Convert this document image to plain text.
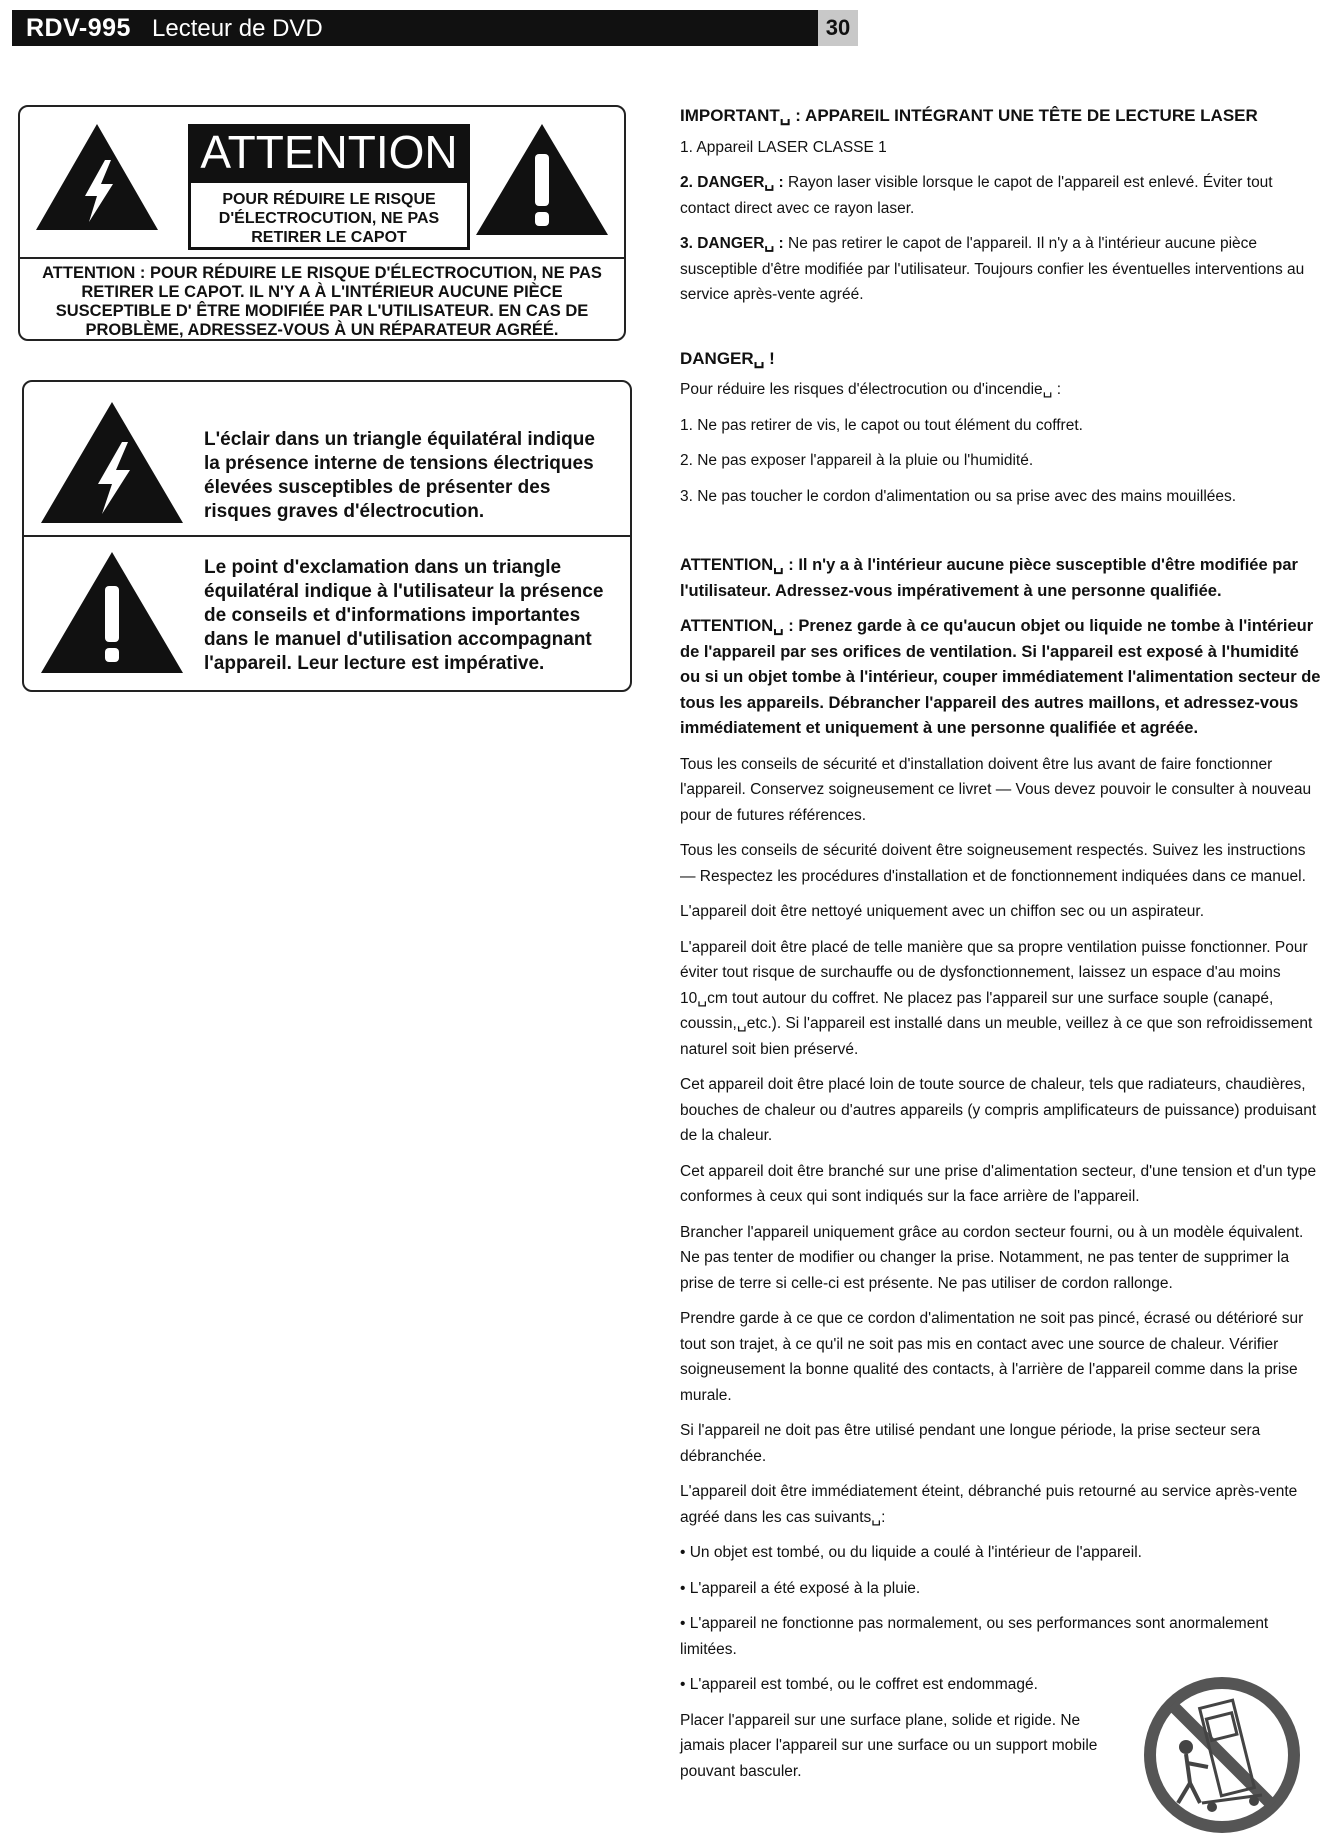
RDV-995 Lecteur de DVD	30
ATTENTION
POUR RÉDUIRE LE RISQUE D'ÉLECTROCUTION, NE PAS RETIRER LE CAPOT
ATTENTION : POUR RÉDUIRE LE RISQUE D'ÉLECTROCUTION, NE PAS RETIRER LE CAPOT. IL N'Y A À L'INTÉRIEUR AUCUNE PIÈCE SUSCEPTIBLE D' ÊTRE MODIFIÉE PAR L'UTILISATEUR. EN CAS DE PROBLÈME, ADRESSEZ-VOUS À UN RÉPARATEUR AGRÉÉ.
L'éclair dans un triangle équilatéral indique la présence interne de tensions électriques élevées susceptibles de présenter des risques graves d'électrocution.
Le point d'exclamation dans un triangle équilatéral indique à l'utilisateur la présence de conseils et d'informations importantes dans le manuel d'utilisation accompagnant l'appareil. Leur lecture est impérative.

IMPORTANT␣ : APPAREIL INTÉGRANT UNE TÊTE DE LECTURE LASER

1. Appareil LASER CLASSE 1

2. DANGER␣ : Rayon laser visible lorsque le capot de l'appareil est enlevé. Éviter tout contact direct avec ce rayon laser.

3. DANGER␣ : Ne pas retirer le capot de l'appareil. Il n'y a à l'intérieur aucune pièce susceptible d'être modifiée par l'utilisateur. Toujours confier les éventuelles interventions au service après-vente agréé.

DANGER␣ !

Pour réduire les risques d'électrocution ou d'incendie␣ :

1. Ne pas retirer de vis, le capot ou tout élément du coffret.

2. Ne pas exposer l'appareil à la pluie ou l'humidité.

3. Ne pas toucher le cordon d'alimentation ou sa prise avec des mains mouillées.

ATTENTION␣ : Il n'y a à l'intérieur aucune pièce susceptible d'être modifiée par l'utilisateur. Adressez-vous impérativement à une personne qualifiée.

ATTENTION␣ : Prenez garde à ce qu'aucun objet ou liquide ne tombe à l'intérieur de l'appareil par ses orifices de ventilation. Si l'appareil est exposé à l'humidité ou si un objet tombe à l'intérieur, couper immédiatement l'alimentation secteur de tous les appareils. Débrancher l'appareil des autres maillons, et adressez-vous immédiatement et uniquement à une personne qualifiée et agréée.

Tous les conseils de sécurité et d'installation doivent être lus avant de faire fonctionner l'appareil. Conservez soigneusement ce livret — Vous devez pouvoir le consulter à nouveau pour de futures références.

Tous les conseils de sécurité doivent être soigneusement respectés. Suivez les instructions — Respectez les procédures d'installation et de fonctionnement indiquées dans ce manuel.

L'appareil doit être nettoyé uniquement avec un chiffon sec ou un aspirateur.

L'appareil doit être placé de telle manière que sa propre ventilation puisse fonctionner. Pour éviter tout risque de surchauffe ou de dysfonctionnement, laissez un espace d'au moins 10␣cm tout autour du coffret. Ne placez pas l'appareil sur une surface souple (canapé, coussin,␣etc.). Si l'appareil est installé dans un meuble, veillez à ce que son refroidissement naturel soit bien préservé.

Cet appareil doit être placé loin de toute source de chaleur, tels que radiateurs, chaudières, bouches de chaleur ou d'autres appareils (y compris amplificateurs de puissance) produisant de la chaleur.

Cet appareil doit être branché sur une prise d'alimentation secteur, d'une tension et d'un type conformes à ceux qui sont indiqués sur la face arrière de l'appareil.

Brancher l'appareil uniquement grâce au cordon secteur fourni, ou à un modèle équivalent. Ne pas tenter de modifier ou changer la prise. Notamment, ne pas tenter de supprimer la prise de terre si celle-ci est présente. Ne pas utiliser de cordon rallonge.

Prendre garde à ce que ce cordon d'alimentation ne soit pas pincé, écrasé ou détérioré sur tout son trajet, à ce qu'il ne soit pas mis en contact avec une source de chaleur. Vérifier soigneusement la bonne qualité des contacts, à l'arrière de l'appareil comme dans la prise murale.

Si l'appareil ne doit pas être utilisé pendant une longue période, la prise secteur sera débranchée.

L'appareil doit être immédiatement éteint, débranché puis retourné au service après-vente agréé dans les cas suivants␣:

• Un objet est tombé, ou du liquide a coulé à l'intérieur de l'appareil.

• L'appareil a été exposé à la pluie.

• L'appareil ne fonctionne pas normalement, ou ses performances sont anormalement limitées.

• L'appareil est tombé, ou le coffret est endommagé.

Placer l'appareil sur une surface plane, solide et rigide. Ne jamais placer l'appareil sur une surface ou un support mobile pouvant basculer.
